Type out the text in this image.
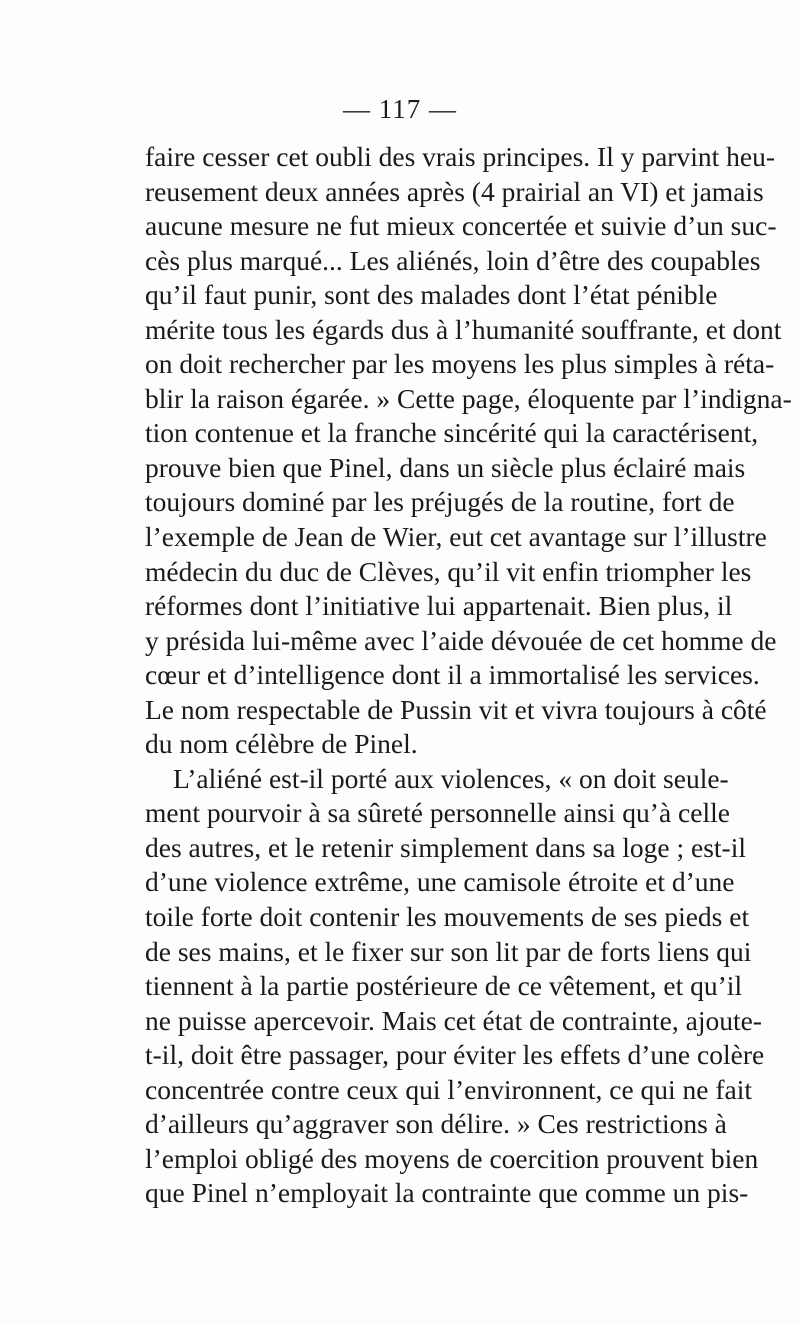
— 117 —
faire cesser cet oubli des vrais principes. Il y parvint heu-
reusement deux années après (4 prairial an VI) et jamais
aucune mesure ne fut mieux concertée et suivie d’un suc-
cès plus marqué... Les aliénés, loin d’être des coupables
qu’il faut punir, sont des malades dont l’état pénible
mérite tous les égards dus à l’humanité souffrante, et dont
on doit rechercher par les moyens les plus simples à réta-
blir la raison égarée. » Cette page, éloquente par l’indigna-
tion contenue et la franche sincérité qui la caractérisent,
prouve bien que Pinel, dans un siècle plus éclairé mais
toujours dominé par les préjugés de la routine, fort de
l’exemple de Jean de Wier, eut cet avantage sur l’illustre
médecin du duc de Clèves, qu’il vit enfin triompher les
réformes dont l’initiative lui appartenait. Bien plus, il
y présida lui-même avec l’aide dévouée de cet homme de
cœur et d’intelligence dont il a immortalisé les services.
Le nom respectable de Pussin vit et vivra toujours à côté
du nom célèbre de Pinel.
L’aliéné est-il porté aux violences, « on doit seule-
ment pourvoir à sa sûreté personnelle ainsi qu’à celle
des autres, et le retenir simplement dans sa loge ; est-il
d’une violence extrême, une camisole étroite et d’une
toile forte doit contenir les mouvements de ses pieds et
de ses mains, et le fixer sur son lit par de forts liens qui
tiennent à la partie postérieure de ce vêtement, et qu’il
ne puisse apercevoir. Mais cet état de contrainte, ajoute-
t-il, doit être passager, pour éviter les effets d’une colère
concentrée contre ceux qui l’environnent, ce qui ne fait
d’ailleurs qu’aggraver son délire. » Ces restrictions à
l’emploi obligé des moyens de coercition prouvent bien
que Pinel n’employait la contrainte que comme un pis-
